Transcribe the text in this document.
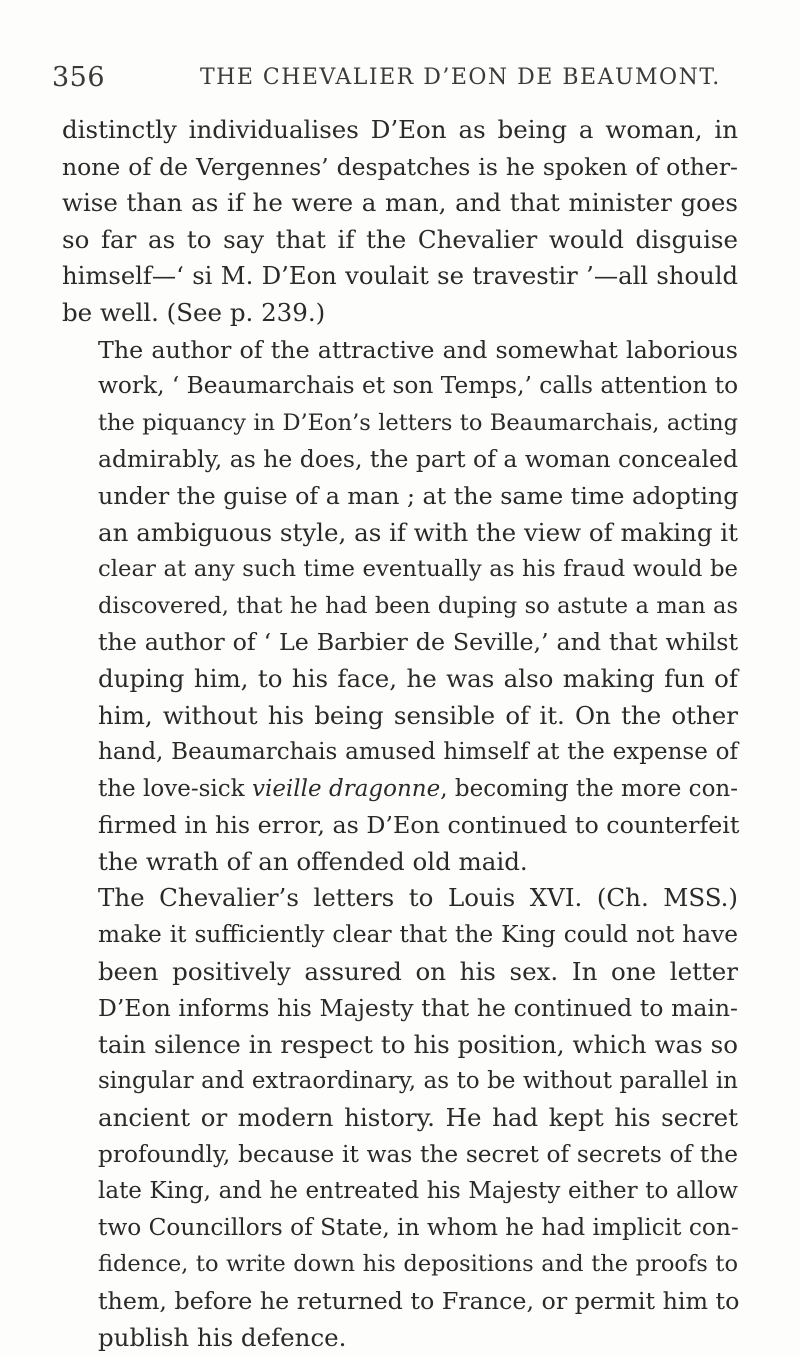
356	THE CHEVALIER D’EON DE BEAUMONT.

distinctly individualises D’Eon as being a woman, in
none of de Vergennes’ despatches is he spoken of other-
wise than as if he were a man, and that minister goes
so far as to say that if the Chevalier would disguise
himself—‘ si M. D’Eon voulait se travestir ’—all should
be well. (See p. 239.)

The author of the attractive and somewhat laborious
work, ‘ Beaumarchais et son Temps,’ calls attention to
the piquancy in D’Eon’s letters to Beaumarchais, acting
admirably, as he does, the part of a woman concealed
under the guise of a man ; at the same time adopting
an ambiguous style, as if with the view of making it
clear at any such time eventually as his fraud would be
discovered, that he had been duping so astute a man as
the author of ‘ Le Barbier de Seville,’ and that whilst
duping him, to his face, he was also making fun of
him, without his being sensible of it. On the other
hand, Beaumarchais amused himself at the expense of
the love-sick vieille dragonne, becoming the more con-
firmed in his error, as D’Eon continued to counterfeit
the wrath of an offended old maid.

The Chevalier’s letters to Louis XVI. (Ch. MSS.)
make it sufficiently clear that the King could not have
been positively assured on his sex. In one letter
D’Eon informs his Majesty that he continued to main-
tain silence in respect to his position, which was so
singular and extraordinary, as to be without parallel in
ancient or modern history. He had kept his secret
profoundly, because it was the secret of secrets of the
late King, and he entreated his Majesty either to allow
two Councillors of State, in whom he had implicit con-
fidence, to write down his depositions and the proofs to
them, before he returned to France, or permit him to
publish his defence.
